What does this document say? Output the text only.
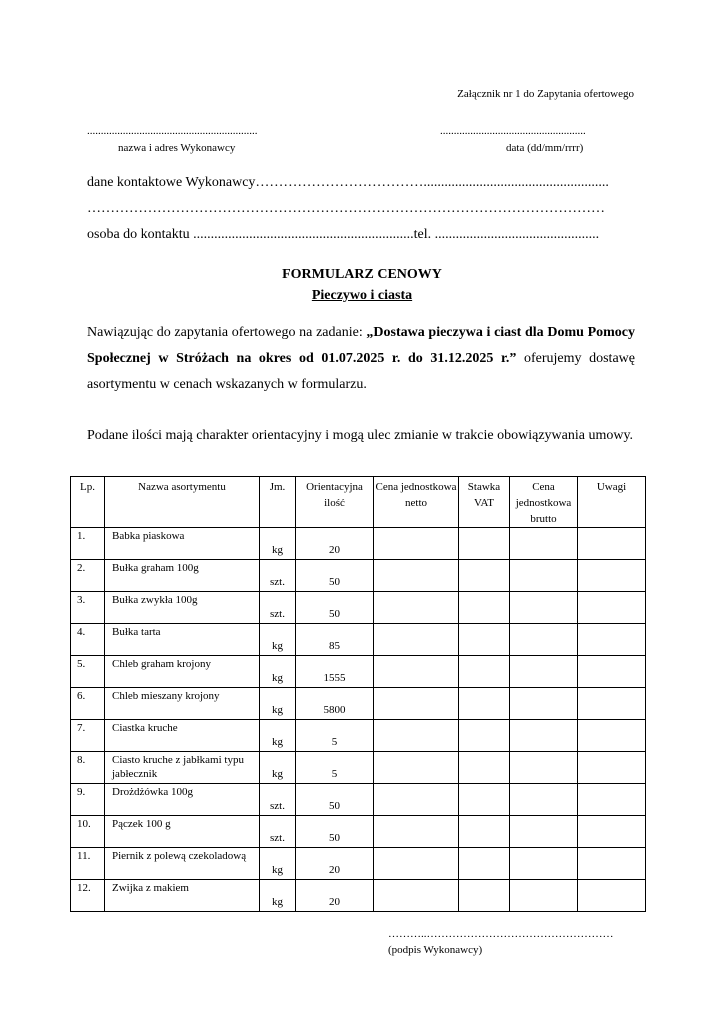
Załącznik nr 1 do Zapytania ofertowego
..............................................................
nazwa i adres Wykonawcy
.....................................................
data (dd/mm/rrrr)
dane kontaktowe Wykonawcy……………………………….....................................................
…………………………………………………………………………………………………
osoba do kontaktu ...............................................................tel. ...............................................
FORMULARZ CENOWY
Pieczywo i ciasta
Nawiązując do zapytania ofertowego na zadanie: „Dostawa pieczywa i ciast dla Domu Pomocy Społecznej w Stróżach na okres od 01.07.2025 r. do 31.12.2025 r.” oferujemy dostawę asortymentu w cenach wskazanych w formularzu.
Podane ilości mają charakter orientacyjny i mogą ulec zmianie w trakcie obowiązywania umowy.
Lp.	Nazwa asortymentu	Jm.	Orientacyjna ilość	Cena jednostkowa netto	Stawka VAT	Cena jednostkowa brutto	Uwagi
1.	Babka piaskowa	kg	20				
2.	Bułka graham 100g	szt.	50				
3.	Bułka zwykła 100g	szt.	50				
4.	Bułka tarta	kg	85				
5.	Chleb graham krojony	kg	1555				
6.	Chleb mieszany krojony	kg	5800				
7.	Ciastka kruche	kg	5				
8.	Ciasto kruche z jabłkami typu jabłecznik	kg	5				
9.	Drożdżówka 100g	szt.	50				
10.	Pączek 100 g	szt.	50				
11.	Piernik z polewą czekoladową	kg	20				
12.	Zwijka z makiem	kg	20				
………..……………………………………………
(podpis Wykonawcy)
